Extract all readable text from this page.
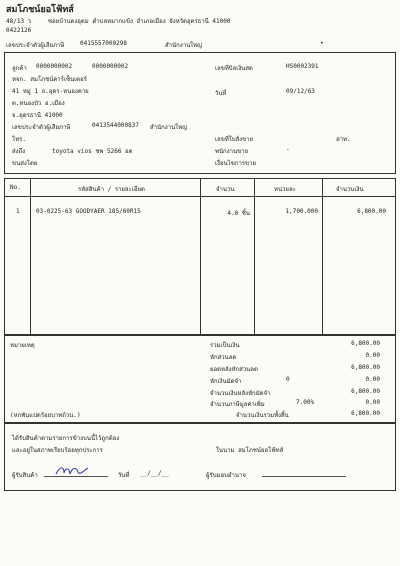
สมโภชน์ยอโฟ้ทส์
48/13 ว	ซอยบ้านดงอุดม ตำบลหมากแข้ง อำเภอเมือง จังหวัดอุดรธานี 41000
0422126
เลขประจำตัวผู้เสียภาษี	0415557000298	สำนักงานใหญ่	•
ลูกค้า 0000000002	0000000002
หจก. สมโภชน์คาร์เซ็นเตอร์
41 หมู่ 1 ถ.อุดร-หนองคาย
ต.หนองบัว อ.เมือง
จ.อุดรธานี 41000
เลขประจำตัวผู้เสียภาษี	0413544000837 สำนักงานใหญ่
โทร.
ส่งถึง	toyota vios ชพ 5266 อด
ขนส่งโดย
เลขที่บิลเงินสด	HS0002391
วันที่	09/12/63
เลขที่ใบสั่งขาย	ลาท.
พนักงานขาย	-
เงื่อนไขการขาย
No.	รหัสสินค้า / รายละเอียด	จำนวน	หน่วยละ	จำนวนเงิน
1	03-0225-63 GOODYAER 185/60R15	4.0 ชิ้น	1,700.000	6,800.00
หมายเหตุ
(หกพันแปดร้อยบาทถ้วน.)
รวมเป็นเงิน	6,800.00
หักส่วนลด	0.00
ยอดหลังหักส่วนลด	6,800.00
หักเงินมัดจำ	0	0.00
จำนวนเงินหลังหักมัดจำ	6,800.00
จำนวนภาษีมูลค่าเพิ่ม	7.00%	0.00
จำนวนเงินรวมทั้งสิ้น	6,800.00
ได้รับสินค้าตามรายการข้างบนนี้ไว้ถูกต้อง
และอยู่ในสภาพเรียบร้อยทุกประการ	ในนาม สมโภชน์ยอโฟ้ทส์
ผู้รับสินค้า	วันที่ __/__/__	ผู้รับมอบอำนาจ
